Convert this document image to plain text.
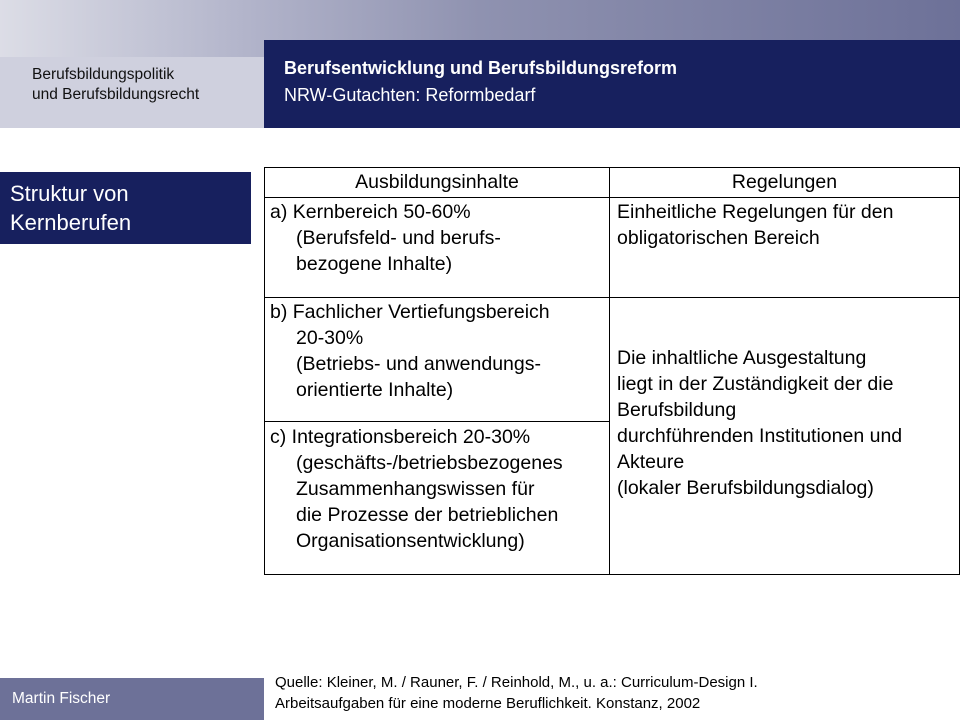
Berufsbildungspolitik
und Berufsbildungsrecht
Berufsentwicklung und Berufsbildungsreform
NRW-Gutachten: Reformbedarf
Struktur von
Kernberufen
Ausbildungsinhalte	Regelungen
a) Kernbereich 50-60%
(Berufsfeld- und berufs-
bezogene Inhalte)
b) Fachlicher Vertiefungsbereich
20-30%
(Betriebs- und anwendungs-
orientierte Inhalte)
c) Integrationsbereich 20-30%
(geschäfts-/betriebsbezogenes
Zusammenhangswissen für
die Prozesse der betrieblichen
Organisationsentwicklung)
Einheitliche Regelungen für den
obligatorischen Bereich
Die inhaltliche Ausgestaltung
liegt in der Zuständigkeit der die
Berufsbildung
durchführenden Institutionen und
Akteure
(lokaler Berufsbildungsdialog)
Martin Fischer
Quelle: Kleiner, M. / Rauner, F. / Reinhold, M., u. a.: Curriculum-Design I.
Arbeitsaufgaben für eine moderne Beruflichkeit. Konstanz, 2002
